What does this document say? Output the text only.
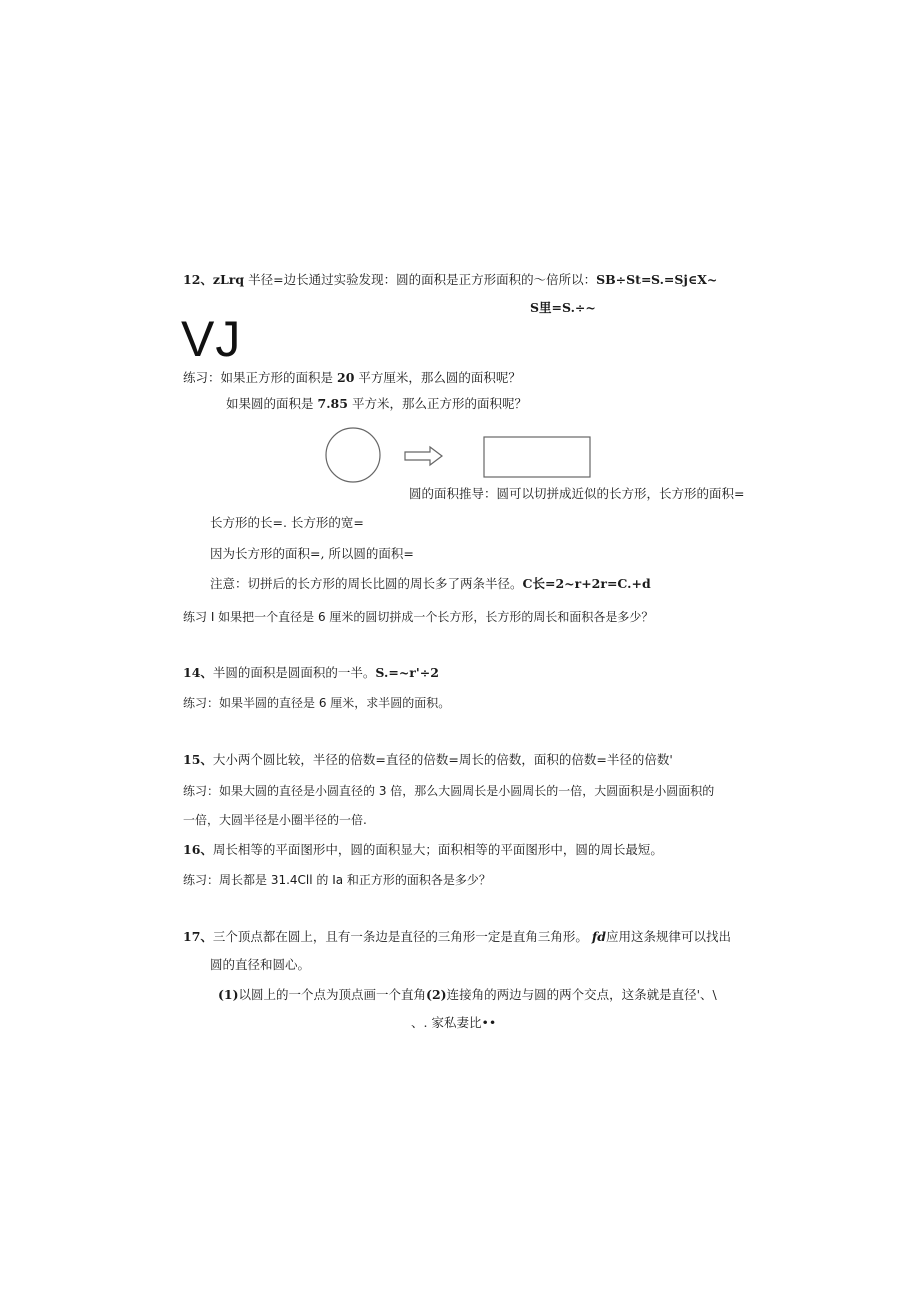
12、zLrq 半径=边长通过实验发现：圆的面积是正方形面积的～倍所以：SB÷St= S.=Sj∈X~
S里=S.÷~
VJ
练习：如果正方形的面积是 20 平方厘米，那么圆的面积呢？
如果圆的面积是 7.85 平方米，那么正方形的面积呢？
圆的面积推导：圆可以切拼成近似的长方形，长方形的面积=
长方形的长=. 长方形的宽=
因为长方形的面积=, 所以圆的面积=
注意：切拼后的长方形的周长比圆的周长多了两条半径。C长=2~r+2r=C.+d
练习 I 如果把一个直径是 6 厘米的圆切拼成一个长方形，长方形的周长和面积各是多少？
14、半圆的面积是圆面积的一半。S.=~r'÷2
练习：如果半圆的直径是 6 厘米，求半圆的面积。
15、大小两个圆比较，半径的倍数=直径的倍数=周长的倍数，面积的倍数=半径的倍数'
练习：如果大圆的直径是小圆直径的 3 倍，那么大圆周长是小圆周长的一倍，大圆面积是小圆面积的
一倍，大圆半径是小圈半径的一倍.
16、周长相等的平面图形中，圆的面积显大；面积相等的平面图形中，圆的周长最短。
练习：周长都是 31.4Cll 的 Ia 和正方形的面积各是多少？
17、三个顶点都在圆上，且有一条边是直径的三角形一定是直角三角形。 fd应用这条规律可以找出
圆的直径和圆心。
(1)以圆上的一个点为顶点画一个直角(2)连接角的两边与圆的两个交点，这条就是直径'、\
、. 家私妻比••
